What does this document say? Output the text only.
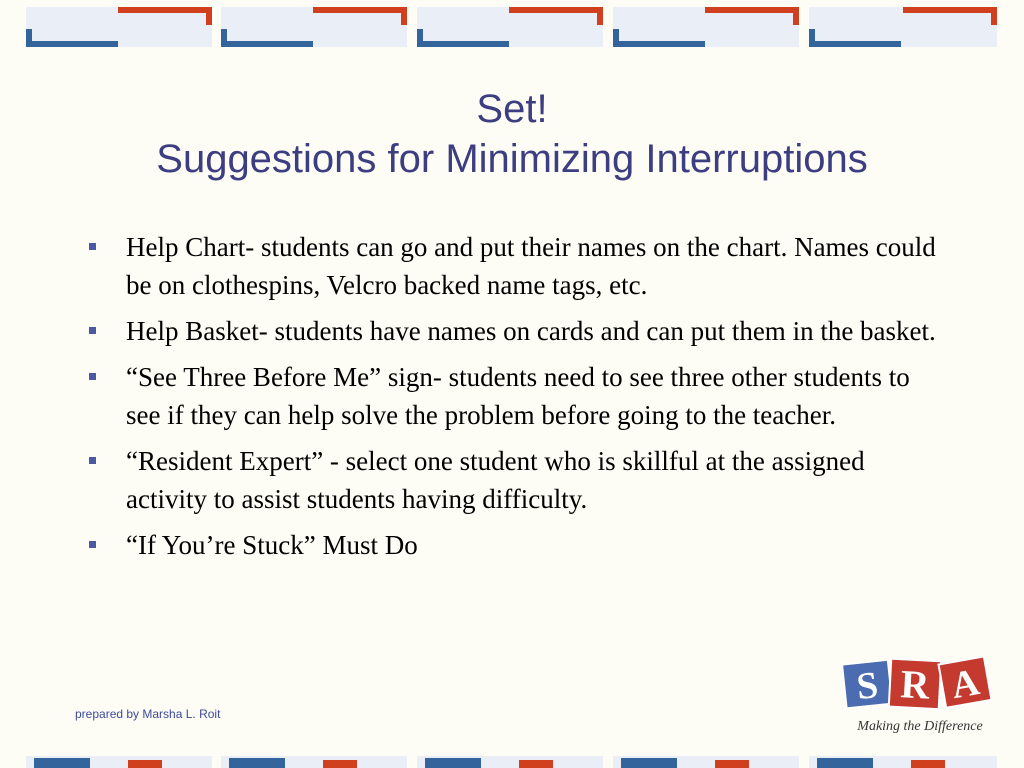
Set!
Suggestions for Minimizing Interruptions
Help Chart- students can go and put their names on the chart. Names could be on clothespins, Velcro backed name tags, etc.
Help Basket- students have names on cards and can put them in the basket.
“See Three Before Me” sign- students need to see three other students to see if they can help solve the problem before going to the teacher.
“Resident Expert” - select one student who is skillful at the assigned activity to assist students having difficulty.
“If You’re Stuck” Must Do
prepared by Marsha L. Roit
S R A
Making the Difference
